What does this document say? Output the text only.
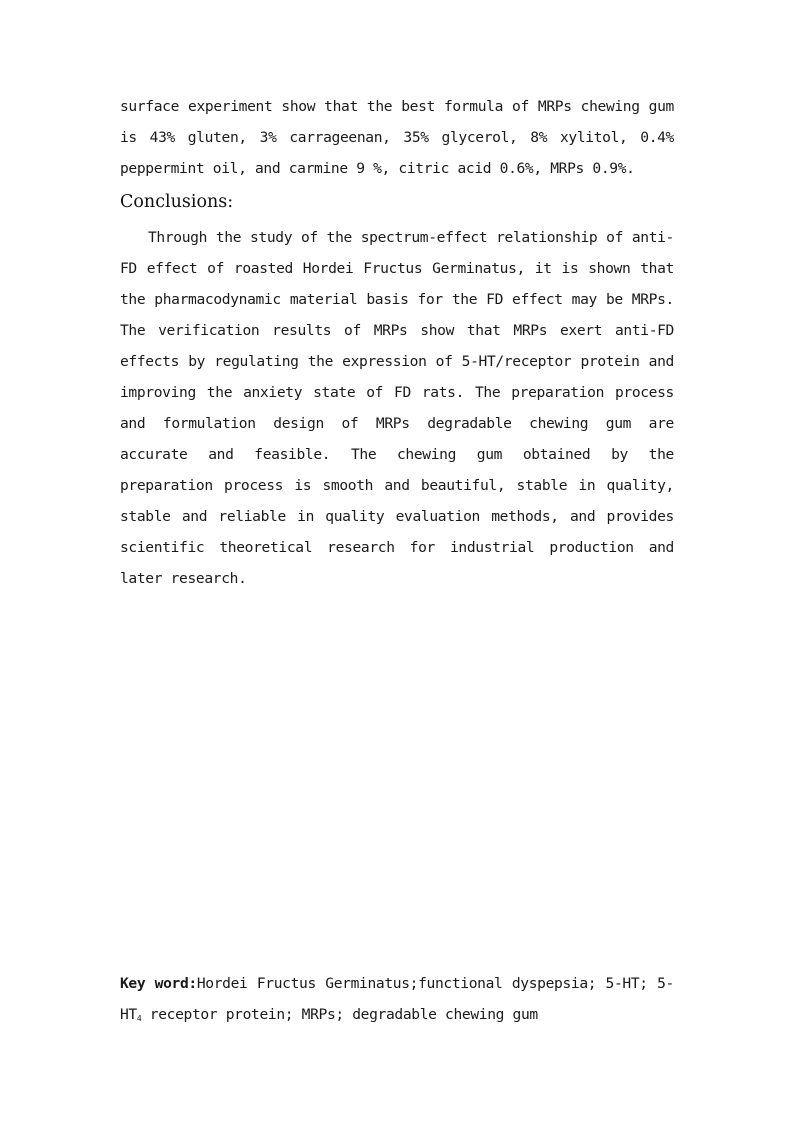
surface experiment show that the best formula of MRPs chewing gum is 43% gluten, 3% carrageenan, 35% glycerol, 8% xylitol, 0.4% peppermint oil, and carmine 9 %, citric acid 0.6%, MRPs 0.9%.

Conclusions:

Through the study of the spectrum-effect relationship of anti-FD effect of roasted Hordei Fructus Germinatus, it is shown that the pharmacodynamic material basis for the FD effect may be MRPs. The verification results of MRPs show that MRPs exert anti-FD effects by regulating the expression of 5-HT/receptor protein and improving the anxiety state of FD rats. The preparation process and formulation design of MRPs degradable chewing gum are accurate and feasible. The chewing gum obtained by the preparation process is smooth and beautiful, stable in quality, stable and reliable in quality evaluation methods, and provides scientific theoretical research for industrial production and later research.

Key word:Hordei Fructus Germinatus;functional dyspepsia; 5-HT; $5-HT_4$ receptor protein; MRPs; degradable chewing gum
